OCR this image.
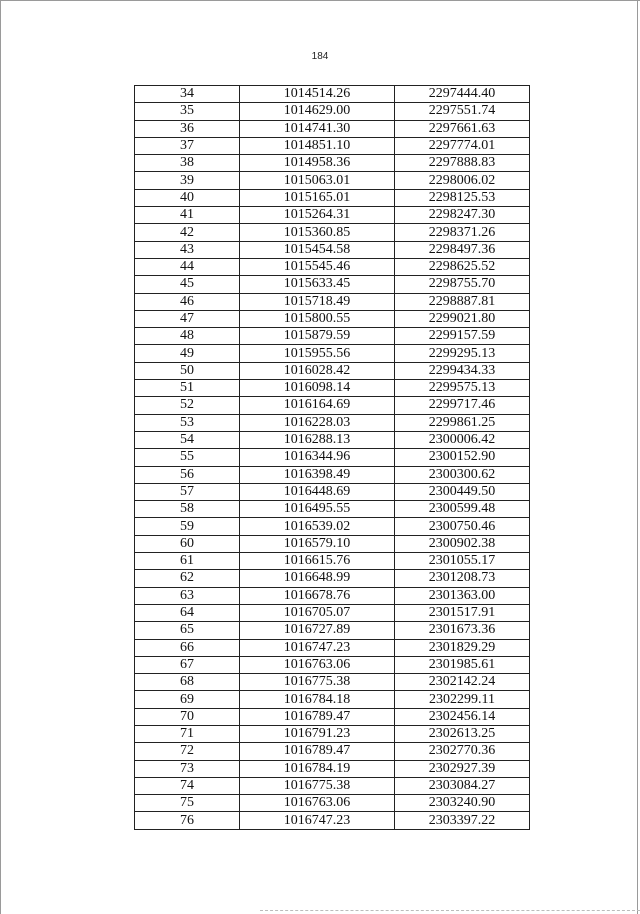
184
34	1014514.26	2297444.40
35	1014629.00	2297551.74
36	1014741.30	2297661.63
37	1014851.10	2297774.01
38	1014958.36	2297888.83
39	1015063.01	2298006.02
40	1015165.01	2298125.53
41	1015264.31	2298247.30
42	1015360.85	2298371.26
43	1015454.58	2298497.36
44	1015545.46	2298625.52
45	1015633.45	2298755.70
46	1015718.49	2298887.81
47	1015800.55	2299021.80
48	1015879.59	2299157.59
49	1015955.56	2299295.13
50	1016028.42	2299434.33
51	1016098.14	2299575.13
52	1016164.69	2299717.46
53	1016228.03	2299861.25
54	1016288.13	2300006.42
55	1016344.96	2300152.90
56	1016398.49	2300300.62
57	1016448.69	2300449.50
58	1016495.55	2300599.48
59	1016539.02	2300750.46
60	1016579.10	2300902.38
61	1016615.76	2301055.17
62	1016648.99	2301208.73
63	1016678.76	2301363.00
64	1016705.07	2301517.91
65	1016727.89	2301673.36
66	1016747.23	2301829.29
67	1016763.06	2301985.61
68	1016775.38	2302142.24
69	1016784.18	2302299.11
70	1016789.47	2302456.14
71	1016791.23	2302613.25
72	1016789.47	2302770.36
73	1016784.19	2302927.39
74	1016775.38	2303084.27
75	1016763.06	2303240.90
76	1016747.23	2303397.22
